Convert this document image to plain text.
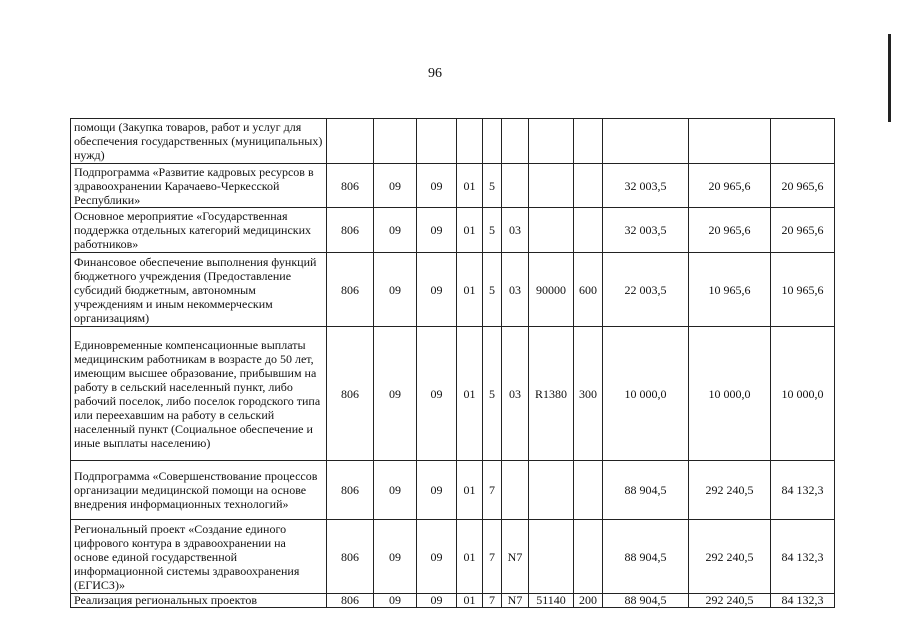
96
помощи (Закупка товаров, работ и услуг для обеспечения государственных (муниципальных) нужд)											
Подпрограмма «Развитие кадровых ресурсов в здравоохранении Карачаево-Черкесской Республики»	806	09	09	01	5				32 003,5	20 965,6	20 965,6
Основное мероприятие «Государственная поддержка отдельных категорий медицинских работников»	806	09	09	01	5	03			32 003,5	20 965,6	20 965,6
Финансовое обеспечение выполнения функций бюджетного учреждения (Предоставление субсидий бюджетным, автономным учреждениям и иным некоммерческим организациям)	806	09	09	01	5	03	90000	600	22 003,5	10 965,6	10 965,6
Единовременные компенсационные выплаты медицинским работникам в возрасте до 50 лет, имеющим высшее образование, прибывшим на работу в сельский населенный пункт, либо рабочий поселок, либо поселок городского типа или переехавшим на работу в сельский населенный пункт (Социальное обеспечение и иные выплаты населению)	806	09	09	01	5	03	R1380	300	10 000,0	10 000,0	10 000,0
Подпрограмма «Совершенствование процессов организации медицинской помощи на основе внедрения информационных технологий»	806	09	09	01	7				88 904,5	292 240,5	84 132,3
Региональный проект «Создание единого цифрового контура в здравоохранении на основе единой государственной информационной системы здравоохранения (ЕГИСЗ)»	806	09	09	01	7	N7			88 904,5	292 240,5	84 132,3
Реализация региональных проектов	806	09	09	01	7	N7	51140	200	88 904,5	292 240,5	84 132,3
